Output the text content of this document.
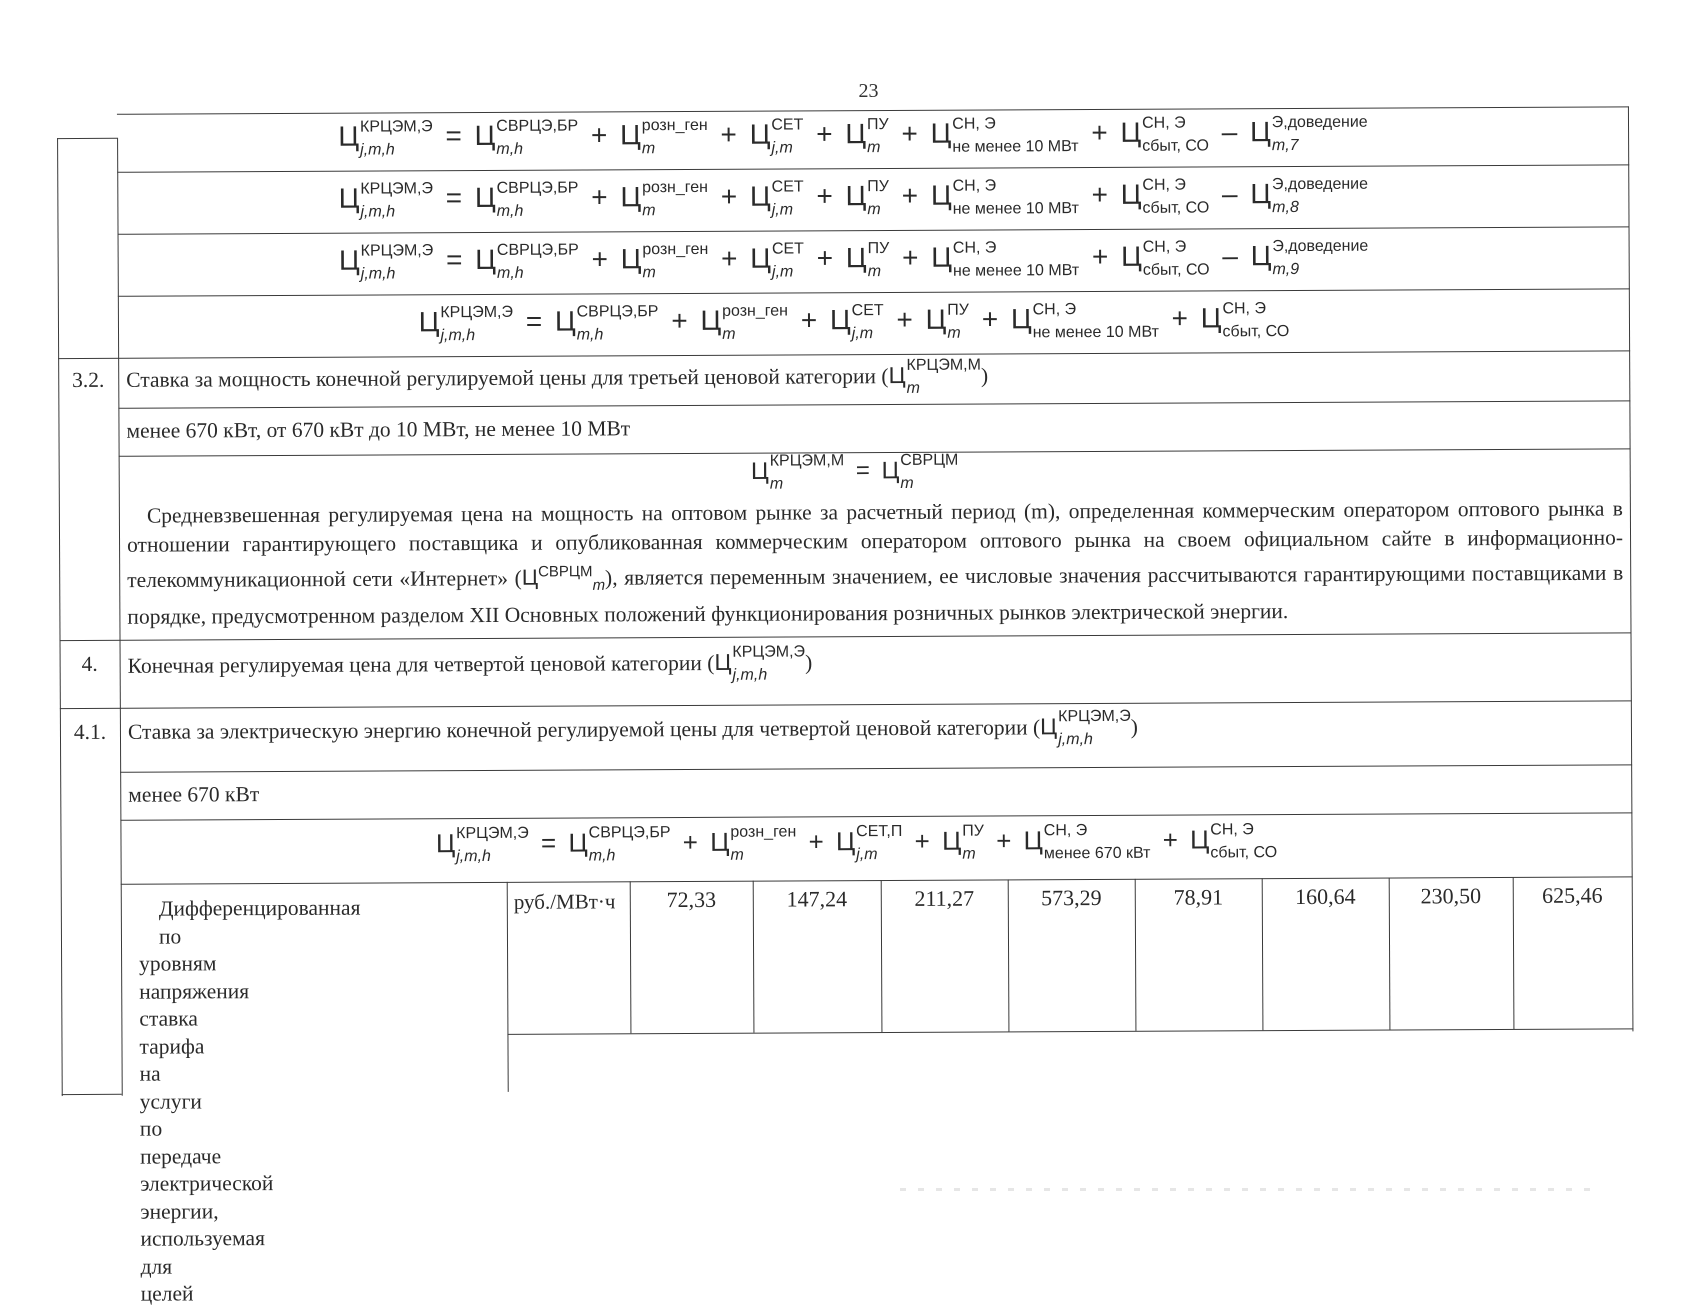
23
Ц КРЦЭМ,Э
j,m,h	= Ц СВРЦЭ,БР
m,h	+ Ц розн_ген
m	+ Ц СЕТ
j,m + Ц ПУ
m + Ц СН, Э
не менее 10 МВт + Ц СН, Э
сбыт, СО – Ц Э,доведение
m,7
Ц КРЦЭМ,Э
j,m,h	= Ц СВРЦЭ,БР
m,h	+ Ц розн_ген
m	+ Ц СЕТ
j,m + Ц ПУ
m + Ц СН, Э
не менее 10 МВт + Ц СН, Э
сбыт, СО – Ц Э,доведение
m,8
Ц КРЦЭМ,Э
j,m,h	= Ц СВРЦЭ,БР
m,h	+ Ц розн_ген
m	+ Ц СЕТ
j,m + Ц ПУ
m + Ц СН, Э
не менее 10 МВт + Ц СН, Э
сбыт, СО – Ц Э,доведение
m,9
Ц КРЦЭМ,Э
j,m,h	= Ц СВРЦЭ,БР
m,h	+ Ц розн_ген
m	+ Ц СЕТ
j,m + Ц ПУ
m + Ц СН, Э
не менее 10 МВт + Ц СН, Э
сбыт, СО
3.2.	Ставка за мощность конечной регулируемой цены для третьей ценовой категории (Ц КРЦЭМ,М
m
)
менее 670 кВт, от 670 кВт до 10 МВт, не менее 10 МВт
Ц КРЦЭМ,М
m	= Ц СВРЦМ
m
Средневзвешенная регулируемая цена на мощность на оптовом рынке за расчетный период (m), определенная коммерческим оператором оптового рынка в отношении гарантирующего поставщика и опубликованная коммерческим оператором оптового рынка на своем официальном сайте в информационно-телекоммуникационной сети «Интернет» $(Ц^{СВРЦМ}_m)$, является переменным значением, ее числовые значения рассчитываются гарантирующими поставщиками в порядке, предусмотренном разделом XII Основных положений функционирования розничных рынков электрической энергии.
4.	Конечная регулируемая цена для четвертой ценовой категории (Ц КРЦЭМ,Э
j,m,h
)
4.1.	Ставка за электрическую энергию конечной регулируемой цены для четвертой ценовой категории (Ц КРЦЭМ,Э
j,m,h
)
менее 670 кВт
Ц КРЦЭМ,Э
j,m,h	= Ц СВРЦЭ,БР
m,h	+ Ц розн_ген
m	+ Ц СЕТ,П
j,m	+ Ц ПУ
m + Ц СН, Э
менее 670 кВт + Ц СН, Э
сбыт, СО
Дифференцированная
по
уровням
напряжения
ставка
тарифа
на
услуги
по
передаче
электрической
энергии,
используемая
для
целей
руб./МВт·ч	72,33	147,24	211,27	573,29	78,91	160,64	230,50	625,46
